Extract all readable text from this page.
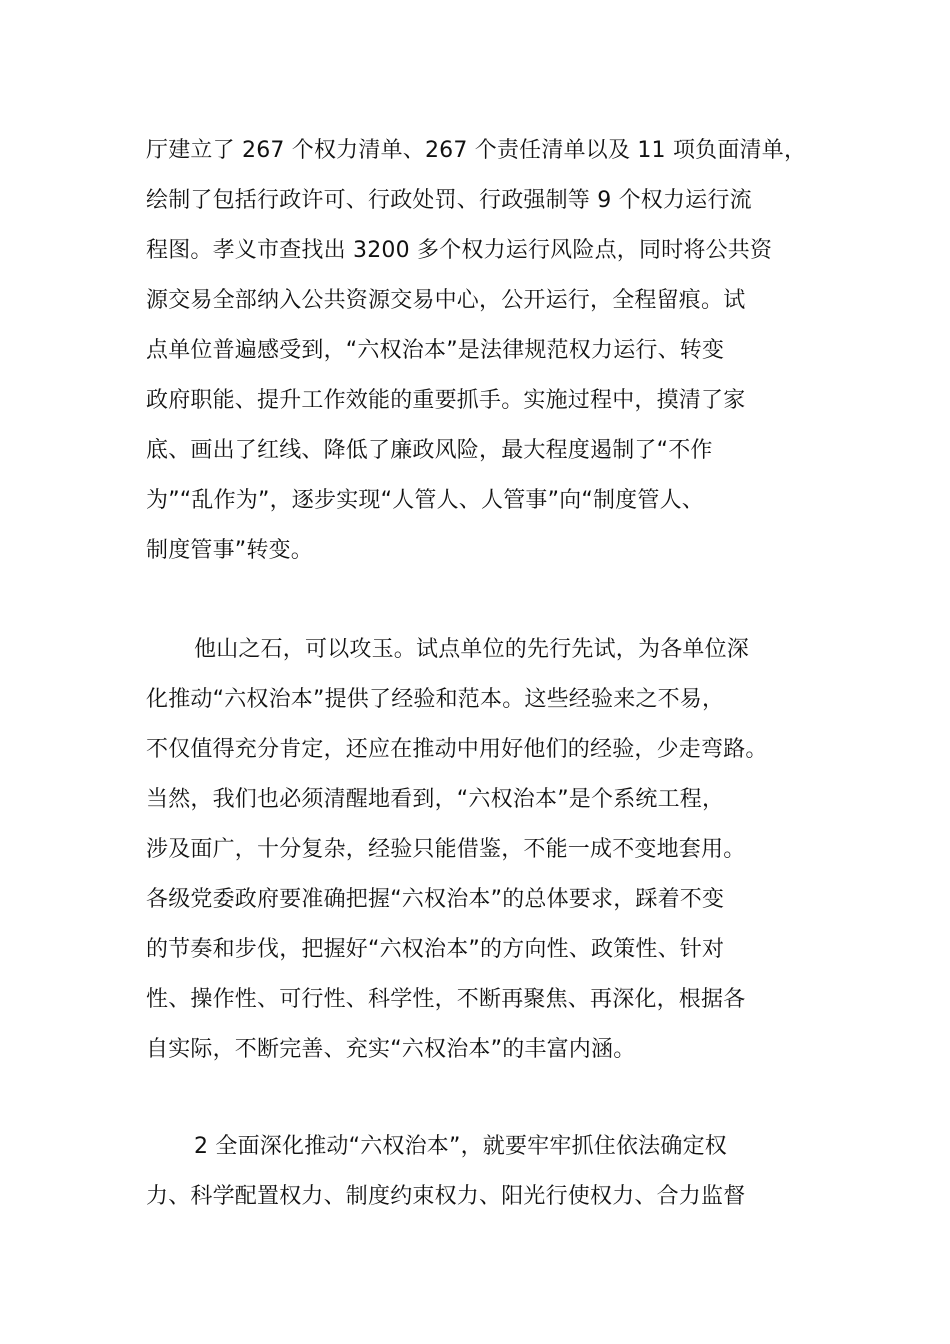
厅建立了 267 个权力清单、267 个责任清单以及 11 项负面清单，
绘制了包括行政许可、行政处罚、行政强制等 9 个权力运行流
程图。孝义市查找出 3200 多个权力运行风险点，同时将公共资
源交易全部纳入公共资源交易中心，公开运行，全程留痕。试
点单位普遍感受到，“六权治本”是法律规范权力运行、转变
政府职能、提升工作效能的重要抓手。实施过程中，摸清了家
底、画出了红线、降低了廉政风险，最大程度遏制了“不作
为”“乱作为”，逐步实现“人管人、人管事”向“制度管人、
制度管事”转变。
他山之石，可以攻玉。试点单位的先行先试，为各单位深
化推动“六权治本”提供了经验和范本。这些经验来之不易，
不仅值得充分肯定，还应在推动中用好他们的经验，少走弯路。
当然，我们也必须清醒地看到，“六权治本”是个系统工程，
涉及面广，十分复杂，经验只能借鉴，不能一成不变地套用。
各级党委政府要准确把握“六权治本”的总体要求，踩着不变
的节奏和步伐，把握好“六权治本”的方向性、政策性、针对
性、操作性、可行性、科学性，不断再聚焦、再深化，根据各
自实际，不断完善、充实“六权治本”的丰富内涵。
2 全面深化推动“六权治本”，就要牢牢抓住依法确定权
力、科学配置权力、制度约束权力、阳光行使权力、合力监督
